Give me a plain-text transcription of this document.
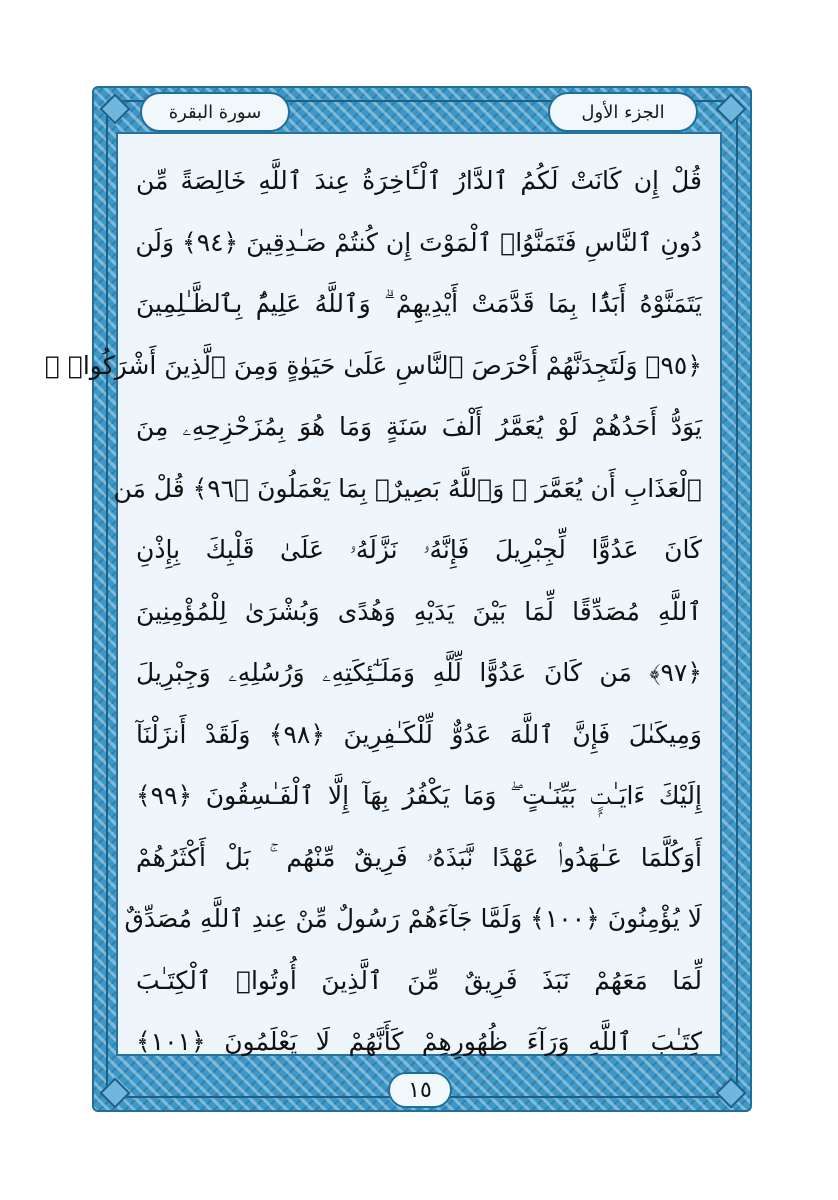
الجزء الأول
سورة البقرة
قُلْ إِن كَانَتْ لَكُمُ ٱلدَّارُ ٱلْـَٔاخِرَةُ عِندَ ٱللَّهِ خَالِصَةً مِّن
دُونِ ٱلنَّاسِ فَتَمَنَّوُا۟ ٱلْمَوْتَ إِن كُنتُمْ صَـٰدِقِينَ ﴿٩٤﴾ وَلَن
يَتَمَنَّوْهُ أَبَدًۢا بِمَا قَدَّمَتْ أَيْدِيهِمْ ۗ وَٱللَّهُ عَلِيمٌۢ بِٱلظَّـٰلِمِينَ
﴿٩٥﴾ وَلَتَجِدَنَّهُمْ أَحْرَصَ ٱلنَّاسِ عَلَىٰ حَيَوٰةٍ وَمِنَ ٱلَّذِينَ أَشْرَكُوا۟ ۚ
يَوَدُّ أَحَدُهُمْ لَوْ يُعَمَّرُ أَلْفَ سَنَةٍ وَمَا هُوَ بِمُزَحْزِحِهِۦ مِنَ
ٱلْعَذَابِ أَن يُعَمَّرَ ۗ وَٱللَّهُ بَصِيرٌۢ بِمَا يَعْمَلُونَ ﴿٩٦﴾ قُلْ مَن
كَانَ عَدُوًّا لِّجِبْرِيلَ فَإِنَّهُۥ نَزَّلَهُۥ عَلَىٰ قَلْبِكَ بِإِذْنِ
ٱللَّهِ مُصَدِّقًا لِّمَا بَيْنَ يَدَيْهِ وَهُدًى وَبُشْرَىٰ لِلْمُؤْمِنِينَ
﴿٩٧﴾ مَن كَانَ عَدُوًّا لِّلَّهِ وَمَلَـٰٓئِكَتِهِۦ وَرُسُلِهِۦ وَجِبْرِيلَ
وَمِيكَىٰلَ فَإِنَّ ٱللَّهَ عَدُوٌّ لِّلْكَـٰفِرِينَ ﴿٩٨﴾ وَلَقَدْ أَنزَلْنَآ
إِلَيْكَ ءَايَـٰتٍۭ بَيِّنَـٰتٍ ۖ وَمَا يَكْفُرُ بِهَآ إِلَّا ٱلْفَـٰسِقُونَ ﴿٩٩﴾
أَوَكُلَّمَا عَـٰهَدُوا۟ عَهْدًا نَّبَذَهُۥ فَرِيقٌ مِّنْهُم ۚ بَلْ أَكْثَرُهُمْ
لَا يُؤْمِنُونَ ﴿١٠٠﴾ وَلَمَّا جَآءَهُمْ رَسُولٌ مِّنْ عِندِ ٱللَّهِ مُصَدِّقٌ
لِّمَا مَعَهُمْ نَبَذَ فَرِيقٌ مِّنَ ٱلَّذِينَ أُوتُوا۟ ٱلْكِتَـٰبَ
كِتَـٰبَ ٱللَّهِ وَرَآءَ ظُهُورِهِمْ كَأَنَّهُمْ لَا يَعْلَمُونَ ﴿١٠١﴾
١٥
